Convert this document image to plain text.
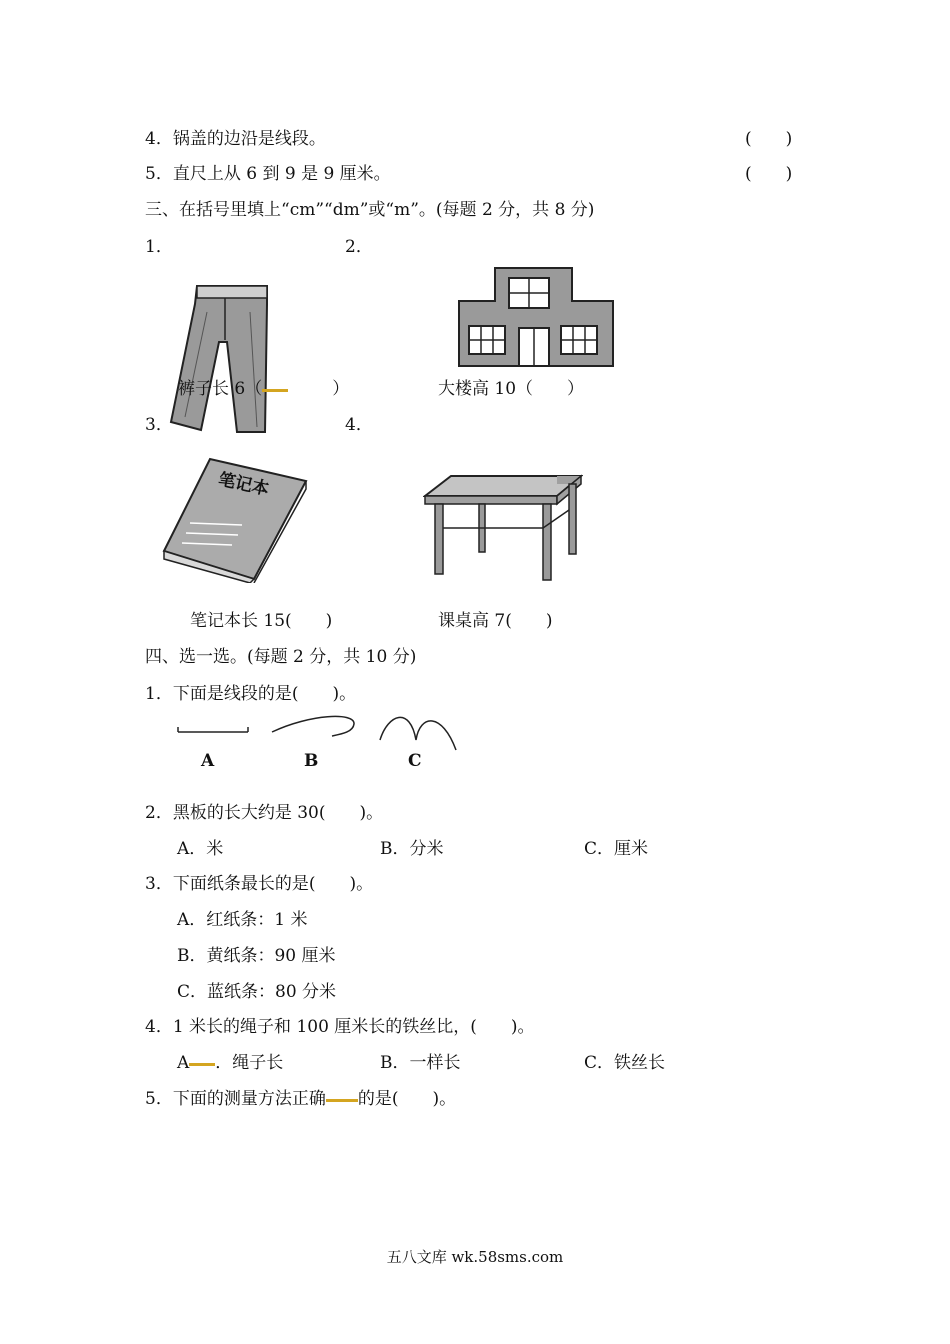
4．锅盖的边沿是线段。	(　　)
5．直尺上从 6 到 9 是 9 厘米。	(　　)
三、在括号里填上“cm”“dm”或“m”。(每题 2 分，共 8 分)
1．	2．
裤子长 6（	）	大楼高 10（　　）
3．	4．
笔记本
笔记本长 15(　　)	课桌高 7(　　)
四、选一选。(每题 2 分，共 10 分)
1．下面是线段的是(　　)。
A	B	C
2．黑板的长大约是 30(　　)。
A．米	B．分米	C．厘米
3．下面纸条最长的是(　　)。
A．红纸条：1 米
B．黄纸条：90 厘米
C．蓝纸条：80 分米
4．1 米长的绳子和 100 厘米长的铁丝比，(　　)。
A ．绳子长	B．一样长	C．铁丝长
5．下面的测量方法正确 的是(　　)。
五八文库 wk.58sms.com
